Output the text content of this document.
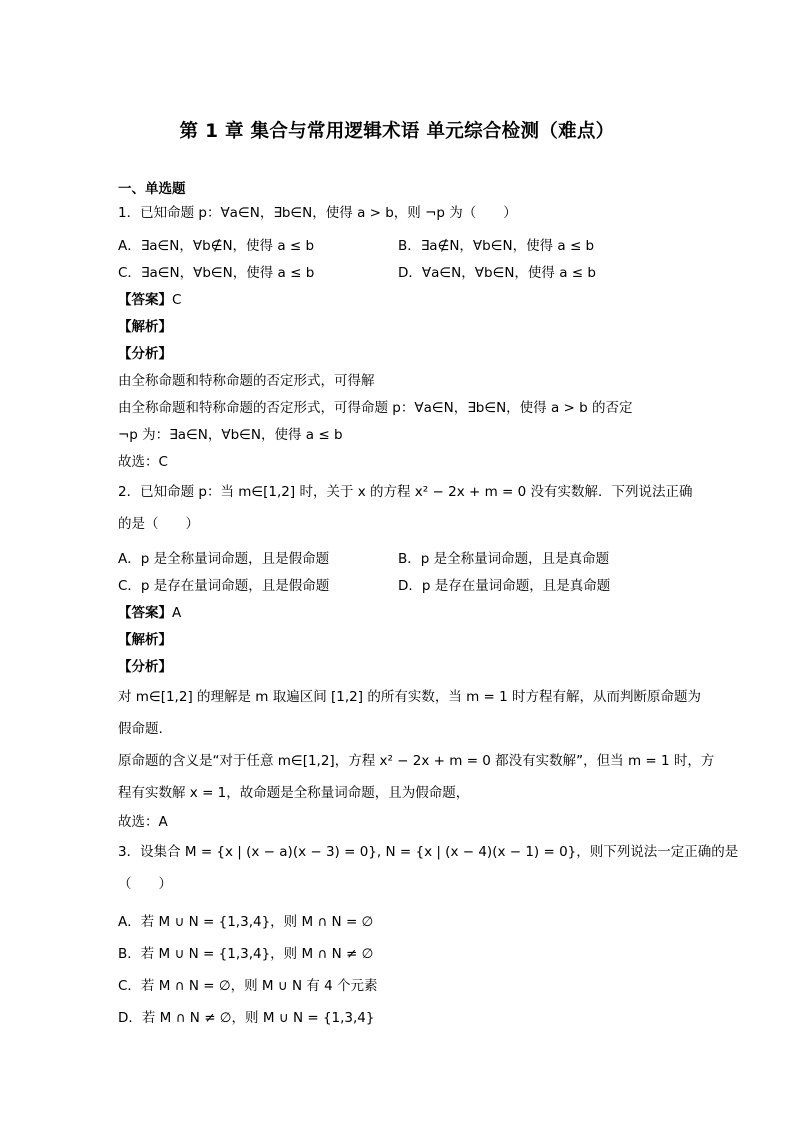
第 1 章 集合与常用逻辑术语 单元综合检测（难点）
一、单选题
1．已知命题 p：∀a∈N，∃b∈N，使得 a > b，则 ¬p 为（　　）
A．∃a∈N，∀b∉N，使得 a ≤ b	B．∃a∉N，∀b∈N，使得 a ≤ b
C．∃a∈N，∀b∈N，使得 a ≤ b	D．∀a∈N，∀b∈N，使得 a ≤ b
【答案】C
【解析】
【分析】
由全称命题和特称命题的否定形式，可得解
由全称命题和特称命题的否定形式，可得命题 p：∀a∈N，∃b∈N，使得 a > b 的否定
¬p 为：∃a∈N，∀b∈N，使得 a ≤ b
故选：C
2．已知命题 p：当 m∈[1,2] 时，关于 x 的方程 x² − 2x + m = 0 没有实数解．下列说法正确
的是（　　）
A．p 是全称量词命题，且是假命题	B．p 是全称量词命题，且是真命题
C．p 是存在量词命题，且是假命题	D．p 是存在量词命题，且是真命题
【答案】A
【解析】
【分析】
对 m∈[1,2] 的理解是 m 取遍区间 [1,2] 的所有实数，当 m = 1 时方程有解，从而判断原命题为
假命题.
原命题的含义是“对于任意 m∈[1,2]，方程 x² − 2x + m = 0 都没有实数解”，但当 m = 1 时，方
程有实数解 x = 1，故命题是全称量词命题，且为假命题，
故选：A
3．设集合 M = {x | (x − a)(x − 3) = 0}, N = {x | (x − 4)(x − 1) = 0}，则下列说法一定正确的是
（　　）
A．若 M ∪ N = {1,3,4}，则 M ∩ N = ∅
B．若 M ∪ N = {1,3,4}，则 M ∩ N ≠ ∅
C．若 M ∩ N = ∅，则 M ∪ N 有 4 个元素
D．若 M ∩ N ≠ ∅，则 M ∪ N = {1,3,4}
